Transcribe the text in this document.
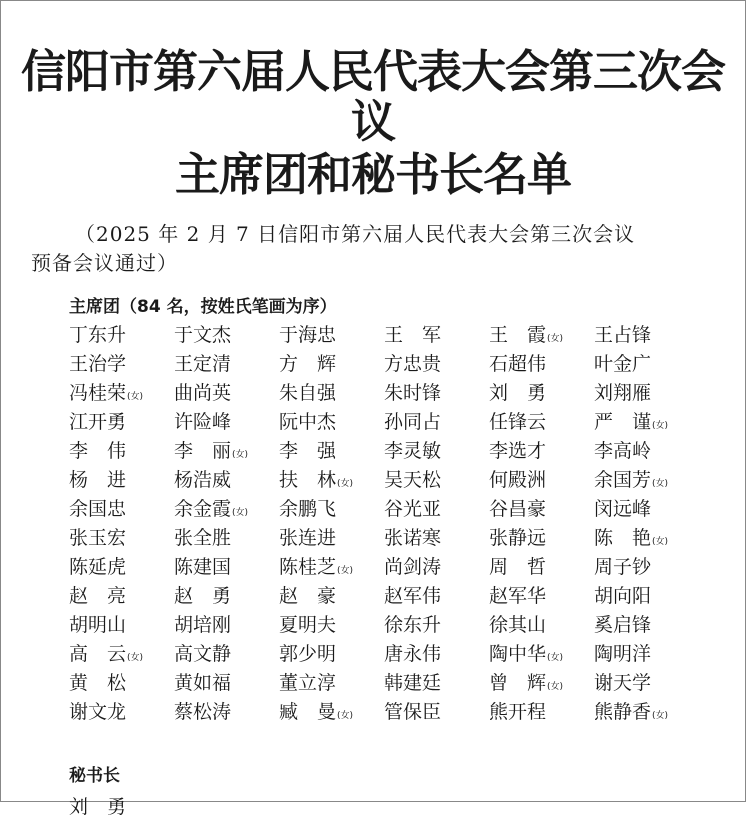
信阳市第六届人民代表大会第三次会议
主席团和秘书长名单
（2025 年 2 月 7 日信阳市第六届人民代表大会第三次会议
预备会议通过）
主席团（84 名，按姓氏笔画为序）
丁东升	于文杰	于海忠	王　军	王　霞(女)	王占锋
王治学	王定清	方　辉	方忠贵	石超伟	叶金广
冯桂荣(女)	曲尚英	朱自强	朱时锋	刘　勇	刘翔雁
江开勇	许险峰	阮中杰	孙同占	任锋云	严　谨(女)
李　伟	李　丽(女)	李　强	李灵敏	李选才	李高岭
杨　进	杨浩威	扶　林(女)	吴天松	何殿洲	余国芳(女)
余国忠	余金霞(女)	余鹏飞	谷光亚	谷昌豪	闵远峰
张玉宏	张全胜	张连进	张诺寒	张静远	陈　艳(女)
陈延虎	陈建国	陈桂芝(女)	尚剑涛	周　哲	周子钞
赵　亮	赵　勇	赵　豪	赵军伟	赵军华	胡向阳
胡明山	胡培刚	夏明夫	徐东升	徐其山	奚启锋
高　云(女)	高文静	郭少明	唐永伟	陶中华(女)	陶明洋
黄　松	黄如福	董立淳	韩建廷	曾　辉(女)	谢天学
谢文龙	蔡松涛	臧　曼(女)	管保臣	熊开程	熊静香(女)
秘书长
刘　勇
